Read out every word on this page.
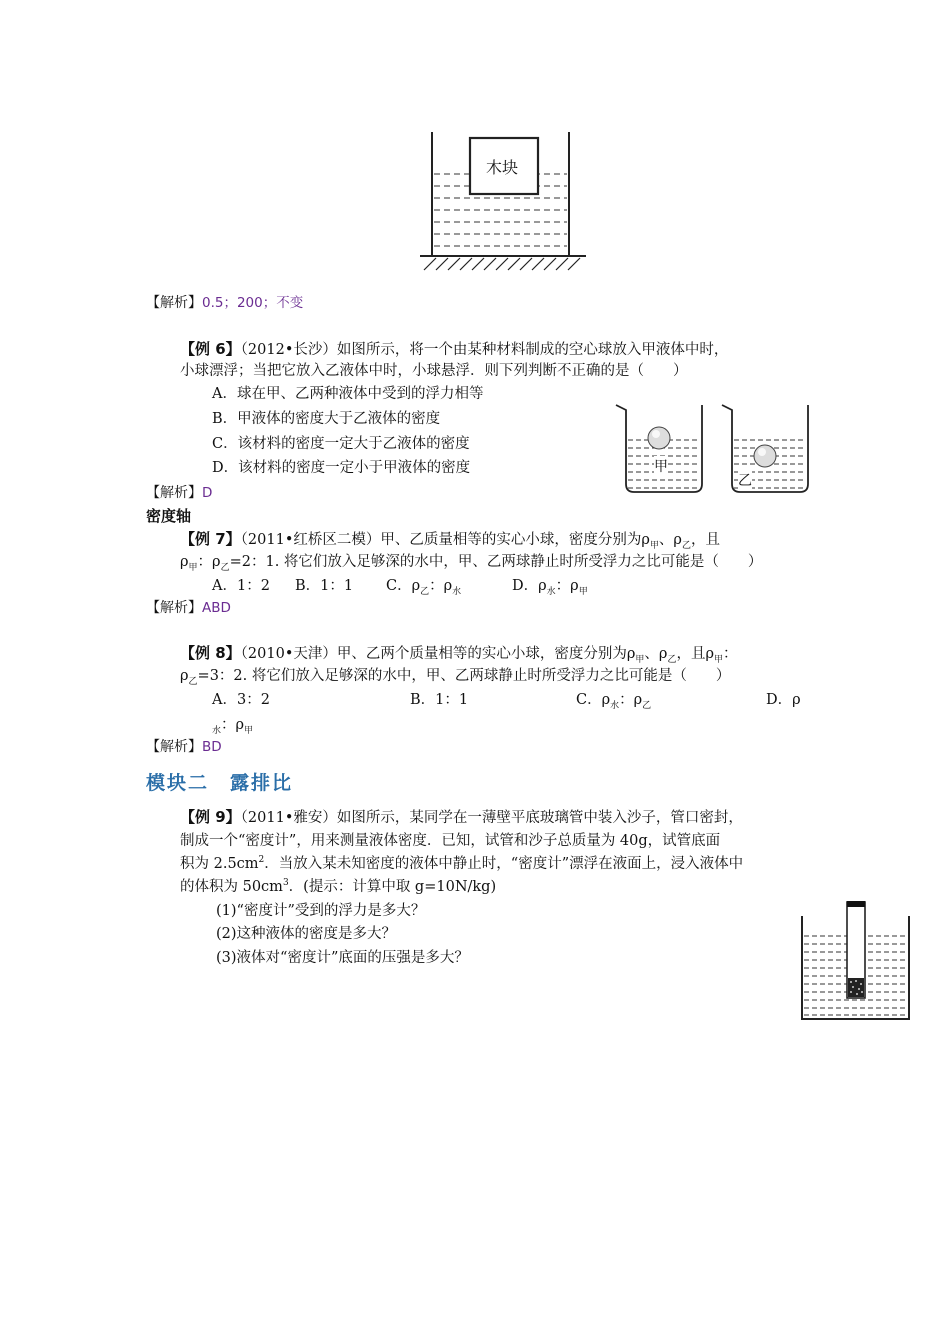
木块
【解析】0.5；200；不变
【例 6】（2012•长沙）如图所示，将一个由某种材料制成的空心球放入甲液体中时，
小球漂浮；当把它放入乙液体中时，小球悬浮．则下列判断不正确的是（　　）
A．球在甲、乙两种液体中受到的浮力相等
B．甲液体的密度大于乙液体的密度
C．该材料的密度一定大于乙液体的密度
D．该材料的密度一定小于甲液体的密度	甲
乙
【解析】D
密度轴
【例 7】（2011•红桥区二模）甲、乙质量相等的实心小球，密度分别为$\rho_甲$、$\rho_乙$，且
$\rho_甲$：$\rho_乙=2$：1. 将它们放入足够深的水中，甲、乙两球静止时所受浮力之比可能是（　　）
A．1：2 B．1：1 C．$\rho_乙$：$\rho_水$	D．$\rho_水$：$\rho_甲$
【解析】ABD
【例 8】（2010•天津）甲、乙两个质量相等的实心小球，密度分别为$\rho_甲$、$\rho_乙$，且$\rho_甲$：
$\rho_乙=3$：2. 将它们放入足够深的水中，甲、乙两球静止时所受浮力之比可能是（　　）
A．3：2	B．1：1	C．$\rho_水$：$\rho_乙$	D．ρ
$_水$：$\rho_甲$
【解析】BD
模块二　露排比
【例 9】（2011•雅安）如图所示，某同学在一薄壁平底玻璃管中装入沙子，管口密封，
制成一个“密度计”，用来测量液体密度．已知，试管和沙子总质量为 40g，试管底面
积为 $2.5cm^2$．当放入某未知密度的液体中静止时，“密度计”漂浮在液面上，浸入液体中
的体积为 $50cm^3$．(提示：计算中取 g=10N/kg)
(1)“密度计”受到的浮力是多大？
(2)这种液体的密度是多大？
(3)液体对“密度计”底面的压强是多大？
